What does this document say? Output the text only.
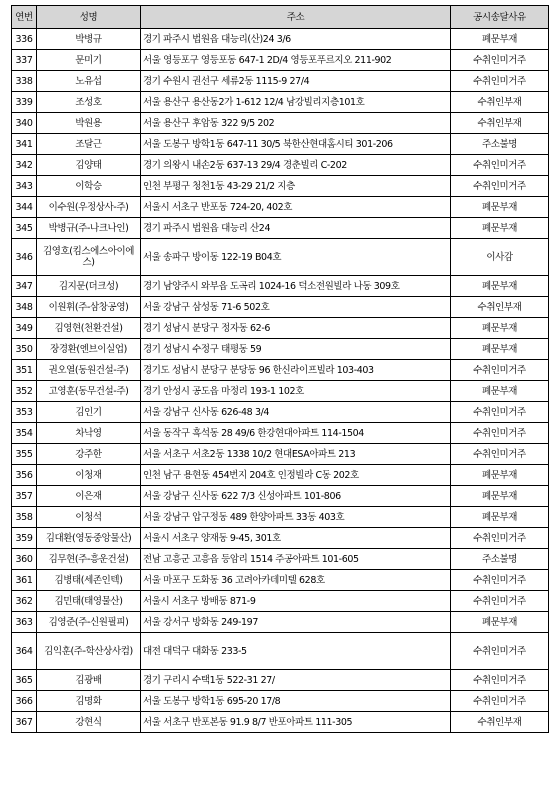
연번	성명	주소	공시송달사유
336	박병규	경기 파주시 법원읍 대능리(산)24 3/6	폐문부재
337	문미기	서울 영등포구 영등포동 647-1 2D/4 영등포푸르지오 211-902	수취인미거주
338	노유섭	경기 수원시 권선구 세류2동 1115-9 27/4	수취인미거주
339	조성호	서울 용산구 용산동2가 1-612 12/4 남강빌리지층101호	수취인부재
340	박원용	서울 용산구 후암동 322 9/5 202	수취인부재
341	조달근	서울 도봉구 방학1동 647-11 30/5 북한산현대홈시티 301-206	주소불명
342	김양태	경기 의왕시 내손2동 637-13 29/4 경춘빌리 C-202	수취인미거주
343	이학승	인천 부평구 청천1동 43-29 21/2 지층	수취인미거주
344	이수원(우정상사-주)	서울시 서초구 반포동 724-20, 402호	폐문부재
345	박병규(주-나크나인)	경기 파주시 법원읍 대능리 산24	폐문부재
346	김영호(킴스에스아이에스)	서울 송파구 방이동 122-19 B04호	이사감
347	김지문(더크성)	경기 남양주시 와부읍 도곡리 1024-16 덕소전원빌라 나동 309호	폐문부재
348	이원휘(주-삼창공영)	서울 강남구 삼성동 71-6 502호	수취인부재
349	김영현(천환건설)	경기 성남시 분당구 정자동 62-6	폐문부재
350	장경환(엔브이실업)	경기 성남시 수정구 태평동 59	폐문부재
351	권오열(동원건설-주)	경기도 성남시 분당구 분당동 96 한신라이프빌라 103-403	수취인미거주
352	고영훈(동무건설-주)	경기 안성시 공도읍 마정리 193-1 102호	폐문부재
353	김인기	서울 강남구 신사동 626-48 3/4	수취인미거주
354	차낙영	서울 동작구 흑석동 28 49/6 한강현대아파트 114-1504	수취인미거주
355	강주한	서울 서초구 서초2동 1338 10/2 현대ESA아파트 213	수취인미거주
356	이청재	인천 남구 용현동 454번지 204호 인정빌라 C동 202호	폐문부재
357	이은재	서울 강남구 신사동 622 7/3 신성아파트 101-806	폐문부재
358	이청석	서울 강남구 압구정동 489 한양아파트 33동 403호	폐문부재
359	김대환(영동중앙물산)	서울시 서초구 양재동 9-45, 301호	수취인미거주
360	김무현(주-흥운건설)	전남 고흥군 고흥읍 등암리 1514 주공아파트 101-605	주소불명
361	김병태(세존인텍)	서울 마포구 도화동 36 고려아카데미텔 628호	수취인미거주
362	김민태(태영물산)	서울시 서초구 방배동 871-9	수취인미거주
363	김영준(주-신원필피)	서울 강서구 방화동 249-197	폐문부재
364	김익훈(주-학산상사컴)	대전 대덕구 대화동 233-5	수취인미거주
365	김광배	경기 구리시 수택1동 522-31 27/	수취인미거주
366	김명화	서울 도봉구 방학1동 695-20 17/8	수취인미거주
367	강현식	서울 서초구 반포본동 91.9 8/7 반포아파트 111-305	수취인부재
